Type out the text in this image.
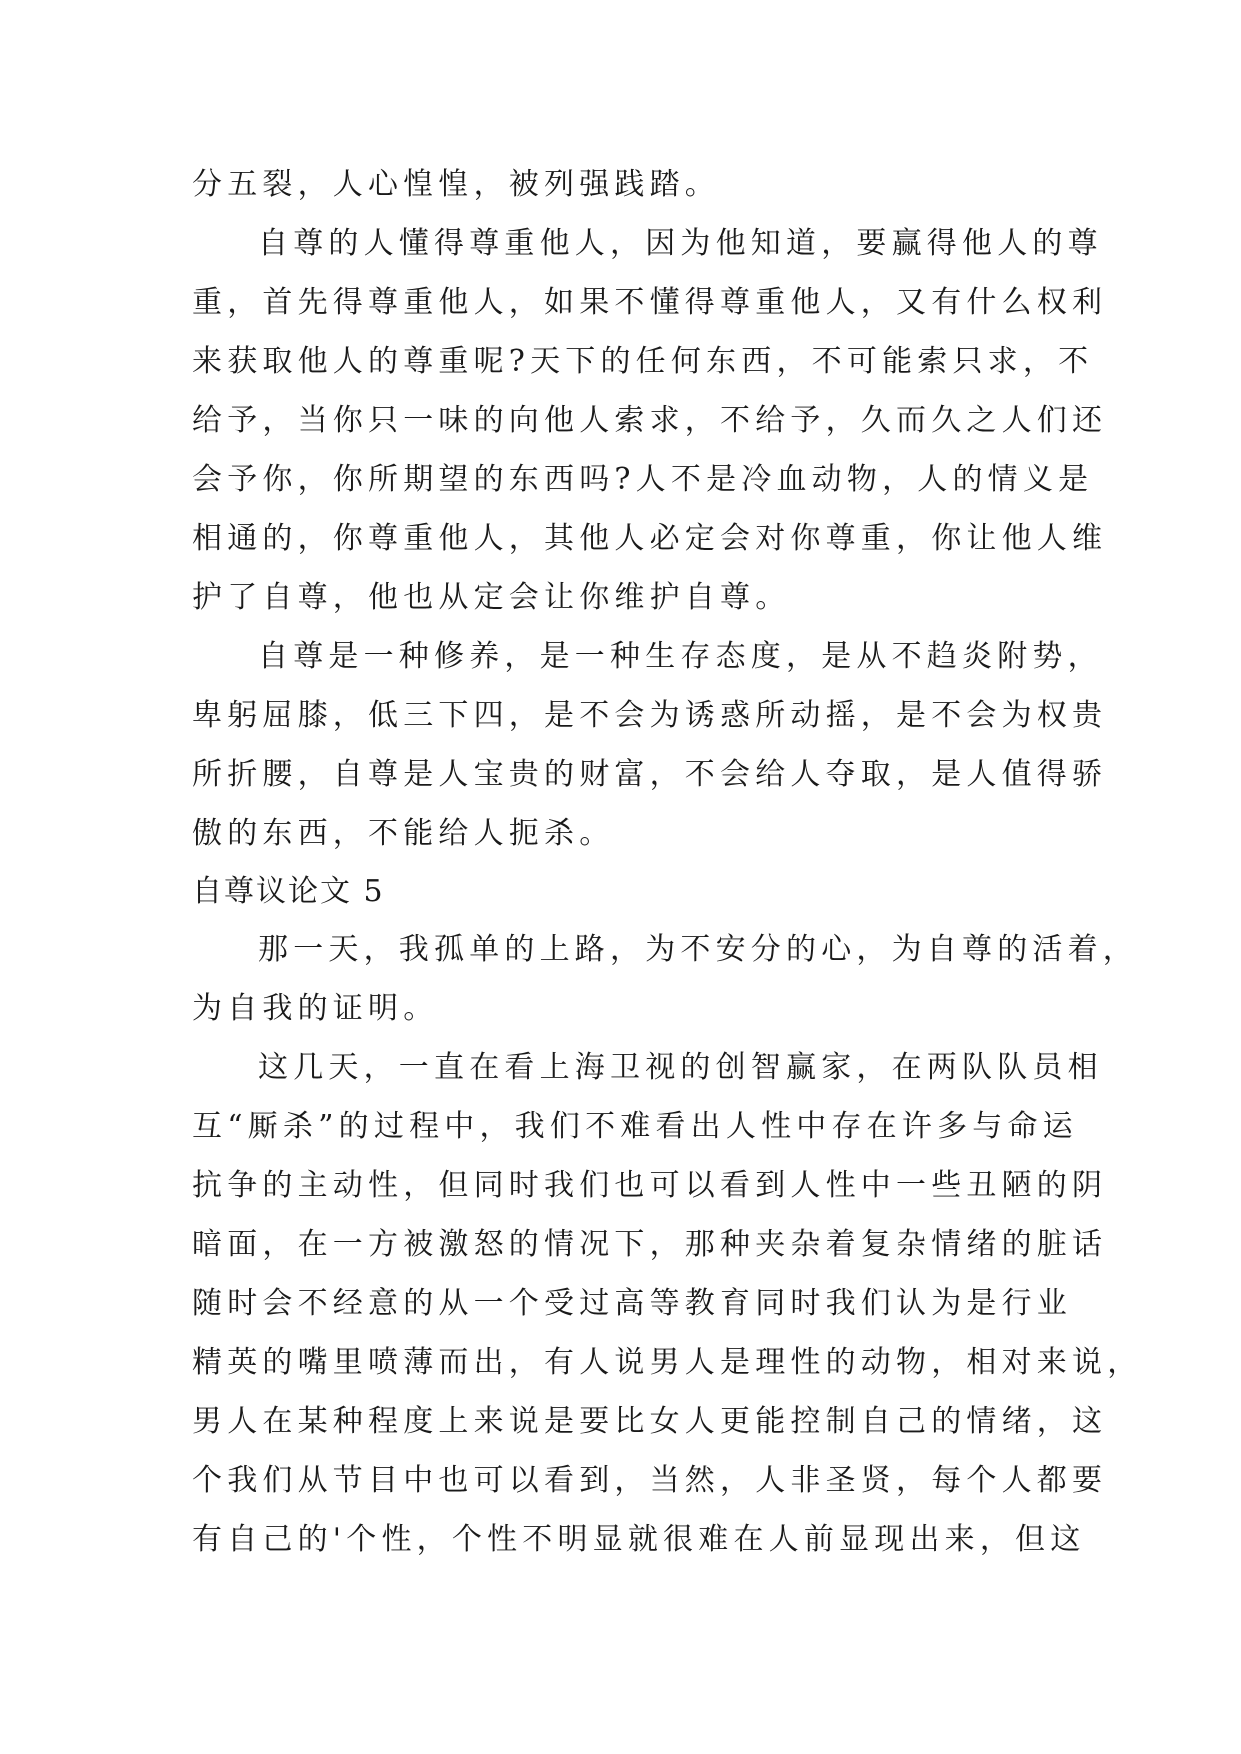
分五裂，人心惶惶，被列强践踏。
自尊的人懂得尊重他人，因为他知道，要赢得他人的尊
重，首先得尊重他人，如果不懂得尊重他人，又有什么权利
来获取他人的尊重呢?天下的任何东西，不可能索只求，不
给予，当你只一味的向他人索求，不给予，久而久之人们还
会予你，你所期望的东西吗?人不是冷血动物，人的情义是
相通的，你尊重他人，其他人必定会对你尊重，你让他人维
护了自尊，他也从定会让你维护自尊。
自尊是一种修养，是一种生存态度，是从不趋炎附势，
卑躬屈膝，低三下四，是不会为诱惑所动摇，是不会为权贵
所折腰，自尊是人宝贵的财富，不会给人夺取，是人值得骄
傲的东西，不能给人扼杀。
自尊议论文 5
那一天，我孤单的上路，为不安分的心，为自尊的活着，
为自我的证明。
这几天，一直在看上海卫视的创智赢家，在两队队员相
互“厮杀”的过程中，我们不难看出人性中存在许多与命运
抗争的主动性，但同时我们也可以看到人性中一些丑陋的阴
暗面，在一方被激怒的情况下，那种夹杂着复杂情绪的脏话
随时会不经意的从一个受过高等教育同时我们认为是行业
精英的嘴里喷薄而出，有人说男人是理性的动物，相对来说，
男人在某种程度上来说是要比女人更能控制自己的情绪，这
个我们从节目中也可以看到，当然，人非圣贤，每个人都要
有自己的'个性，个性不明显就很难在人前显现出来，但这
